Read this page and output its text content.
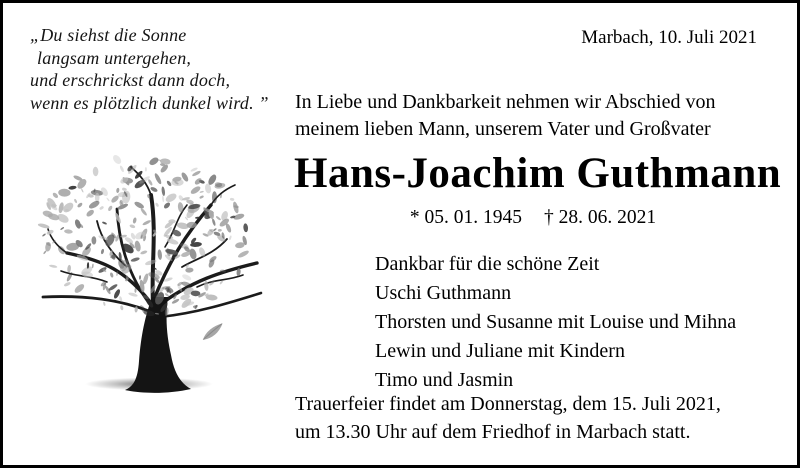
„Du siehst die Sonne
langsam untergehen,
und erschrickst dann doch,
wenn es plötzlich dunkel wird. ”
Marbach, 10. Juli 2021
In Liebe und Dankbarkeit nehmen wir Abschied von
meinem lieben Mann, unserem Vater und Großvater
Hans-Joachim Guthmann
* 05. 01. 1945 † 28. 06. 2021
Dankbar für die schöne Zeit
Uschi Guthmann
Thorsten und Susanne mit Louise und Mihna
Lewin und Juliane mit Kindern
Timo und Jasmin
Trauerfeier findet am Donnerstag, dem 15. Juli 2021,
um 13.30 Uhr auf dem Friedhof in Marbach statt.
